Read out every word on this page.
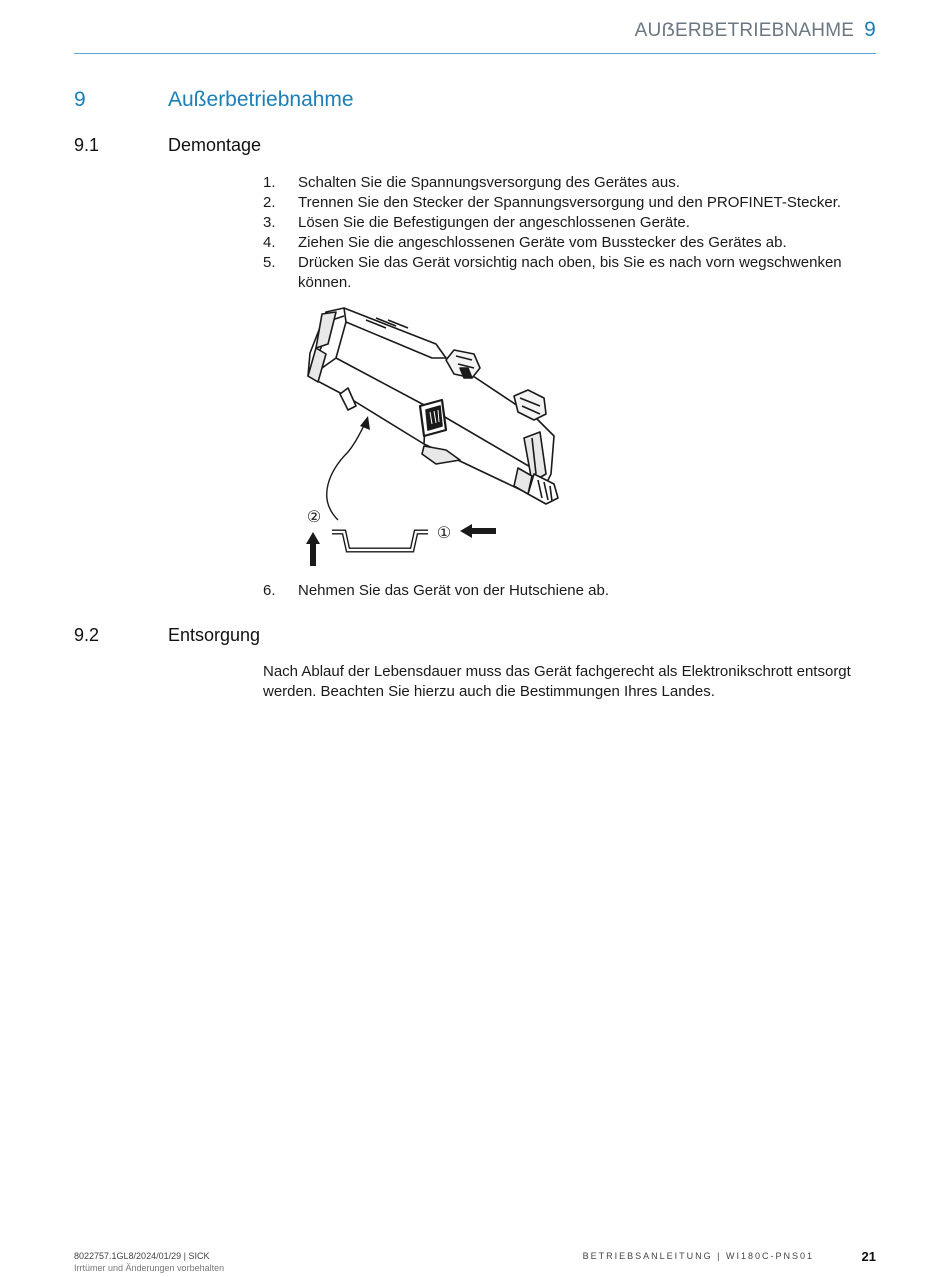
AUẞERBETRIEBNAHME 9
9	Außerbetriebnahme
9.1	Demontage
1. Schalten Sie die Spannungsversorgung des Gerätes aus.
2. Trennen Sie den Stecker der Spannungsversorgung und den PROFINET-Stecker.
3. Lösen Sie die Befestigungen der angeschlossenen Geräte.
4. Ziehen Sie die angeschlossenen Geräte vom Busstecker des Gerätes ab.
5. Drücken Sie das Gerät vorsichtig nach oben, bis Sie es nach vorn wegschwenken können.
②
①
6. Nehmen Sie das Gerät von der Hutschiene ab.
9.2	Entsorgung
Nach Ablauf der Lebensdauer muss das Gerät fachgerecht als Elektronikschrott entsorgt werden. Beachten Sie hierzu auch die Bestimmungen Ihres Landes.
8022757.1GL8/2024/01/29 | SICK
Irrtümer und Änderungen vorbehalten
BETRIEBSANLEITUNG | WI180C-PNS01	21
